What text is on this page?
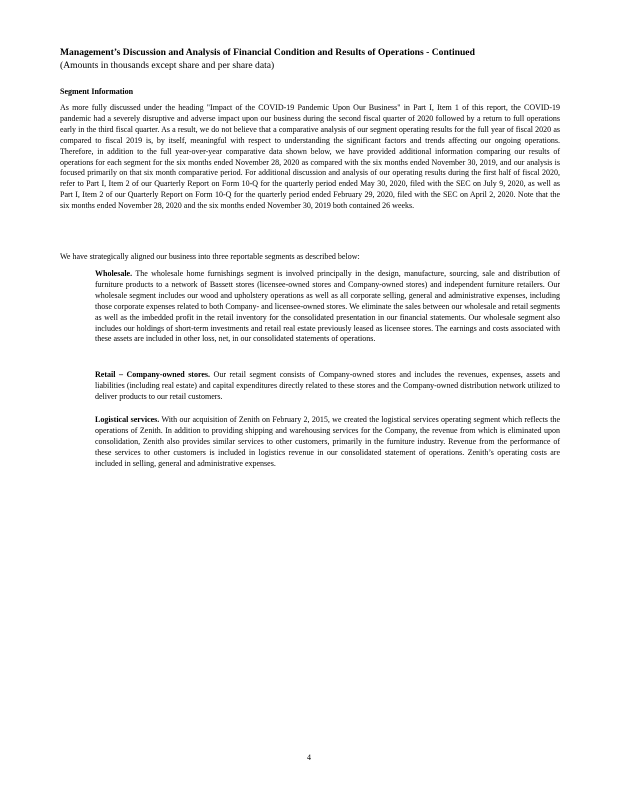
Management’s Discussion and Analysis of Financial Condition and Results of Operations - Continued
(Amounts in thousands except share and per share data)
Segment Information

As more fully discussed under the heading "Impact of the COVID-19 Pandemic Upon Our Business" in Part I, Item 1 of this report, the COVID-19 pandemic had a severely disruptive and adverse impact upon our business during the second fiscal quarter of 2020 followed by a return to full operations early in the third fiscal quarter. As a result, we do not believe that a comparative analysis of our segment operating results for the full year of fiscal 2020 as compared to fiscal 2019 is, by itself, meaningful with respect to understanding the significant factors and trends affecting our ongoing operations. Therefore, in addition to the full year-over-year comparative data shown below, we have provided additional information comparing our results of operations for each segment for the six months ended November 28, 2020 as compared with the six months ended November 30, 2019, and our analysis is focused primarily on that six month comparative period. For additional discussion and analysis of our operating results during the first half of fiscal 2020, refer to Part I, Item 2 of our Quarterly Report on Form 10-Q for the quarterly period ended May 30, 2020, filed with the SEC on July 9, 2020, as well as Part I, Item 2 of our Quarterly Report on Form 10-Q for the quarterly period ended February 29, 2020, filed with the SEC on April 2, 2020. Note that the six months ended November 28, 2020 and the six months ended November 30, 2019 both contained 26 weeks.

We have strategically aligned our business into three reportable segments as described below:

Wholesale. The wholesale home furnishings segment is involved principally in the design, manufacture, sourcing, sale and distribution of furniture products to a network of Bassett stores (licensee-owned stores and Company-owned stores) and independent furniture retailers. Our wholesale segment includes our wood and upholstery operations as well as all corporate selling, general and administrative expenses, including those corporate expenses related to both Company- and licensee-owned stores. We eliminate the sales between our wholesale and retail segments as well as the imbedded profit in the retail inventory for the consolidated presentation in our financial statements. Our wholesale segment also includes our holdings of short-term investments and retail real estate previously leased as licensee stores. The earnings and costs associated with these assets are included in other loss, net, in our consolidated statements of operations.

Retail – Company-owned stores. Our retail segment consists of Company-owned stores and includes the revenues, expenses, assets and liabilities (including real estate) and capital expenditures directly related to these stores and the Company-owned distribution network utilized to deliver products to our retail customers.

Logistical services. With our acquisition of Zenith on February 2, 2015, we created the logistical services operating segment which reflects the operations of Zenith. In addition to providing shipping and warehousing services for the Company, the revenue from which is eliminated upon consolidation, Zenith also provides similar services to other customers, primarily in the furniture industry. Revenue from the performance of these services to other customers is included in logistics revenue in our consolidated statement of operations. Zenith’s operating costs are included in selling, general and administrative expenses.

4
